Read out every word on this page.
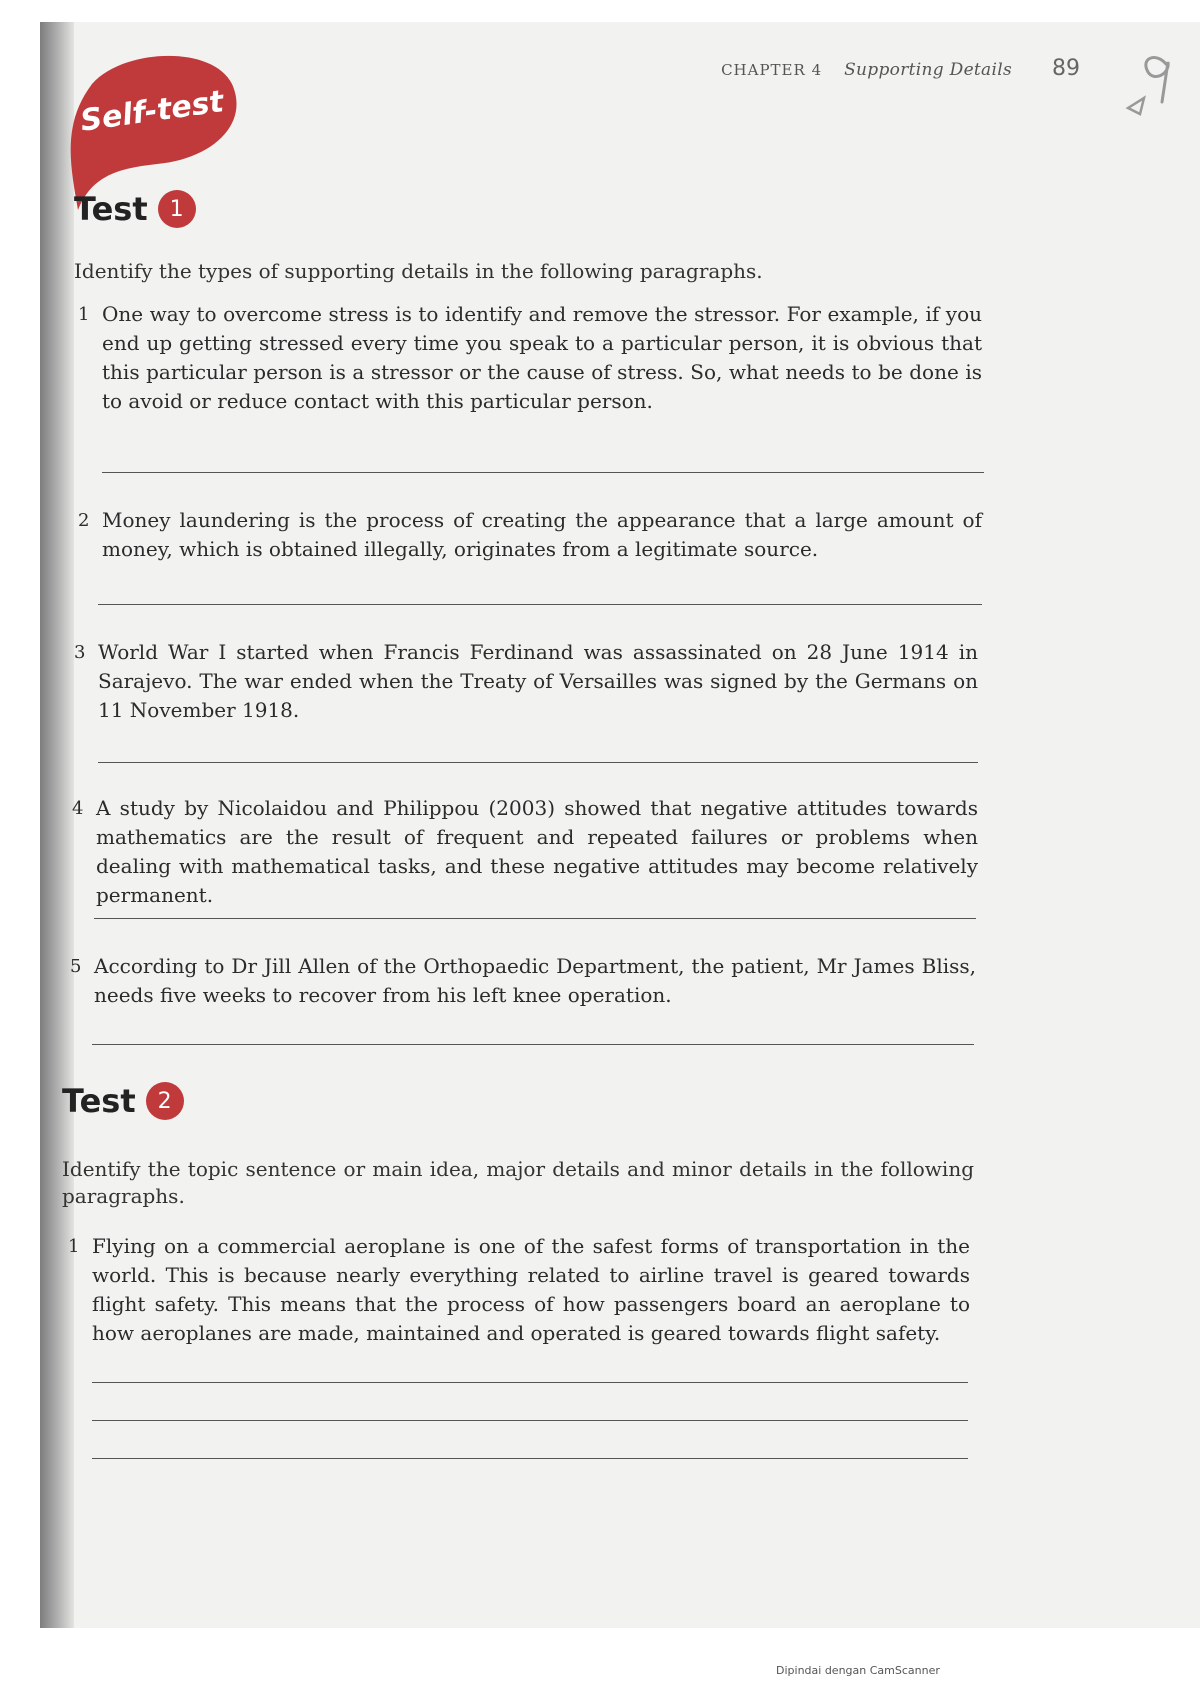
CHAPTER 4 Supporting Details 89
Self-test
Test	1
Identify the types of supporting details in the following paragraphs.
1 One way to overcome stress is to identify and remove the stressor. For example, if you end up getting stressed every time you speak to a particular person, it is obvious that this particular person is a stressor or the cause of stress. So, what needs to be done is to avoid or reduce contact with this particular person.
2 Money laundering is the process of creating the appearance that a large amount of money, which is obtained illegally, originates from a legitimate source.
3 World War I started when Francis Ferdinand was assassinated on 28 June 1914 in Sarajevo. The war ended when the Treaty of Versailles was signed by the Germans on 11 November 1918.
4 A study by Nicolaidou and Philippou (2003) showed that negative attitudes towards mathematics are the result of frequent and repeated failures or problems when dealing with mathematical tasks, and these negative attitudes may become relatively permanent.
5 According to Dr Jill Allen of the Orthopaedic Department, the patient, Mr James Bliss, needs five weeks to recover from his left knee operation.
Test	2
Identify the topic sentence or main idea, major details and minor details in the following paragraphs.
1 Flying on a commercial aeroplane is one of the safest forms of transportation in the world. This is because nearly everything related to airline travel is geared towards flight safety. This means that the process of how passengers board an aeroplane to how aeroplanes are made, maintained and operated is geared towards flight safety.
Dipindai dengan CamScanner
